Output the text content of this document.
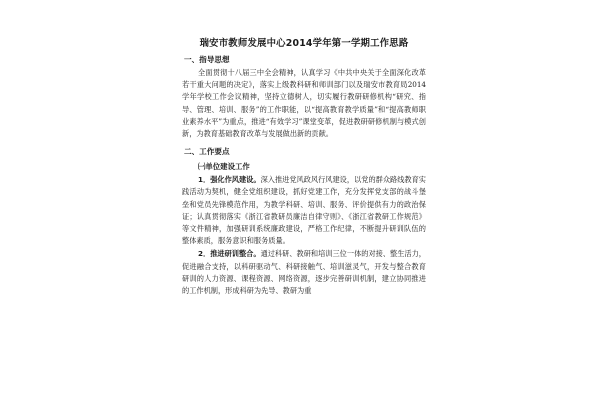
瑞安市教师发展中心2014学年第一学期工作思路
一、指导思想
全面贯彻十八届三中全会精神，认真学习《中共中央关于全面深化改革若干重大问题的决定》，落实上级教科研和师训部门以及瑞安市教育局2014学年学校工作会议精神，坚持立德树人，切实履行教研研修机构“研究、指导、管理、培训、服务”的工作职能，以“提高教育教学质量”和“提高教师职业素养水平”为重点，推进“有效学习”课堂变革，促进教研研修机制与模式创新，为教育基础教育改革与发展做出新的贡献。
二、工作要点
㈠单位建设工作
1．强化作风建设。深入推进党风政风行风建设，以党的群众路线教育实践活动为契机，健全党组织建设，抓好党建工作，充分发挥党支部的战斗堡垒和党员先锋模范作用，为教学科研、培训、服务、评价提供有力的政治保证；认真贯彻落实《浙江省教研员廉洁自律守则》、《浙江省教研工作规范》等文件精神，加强研训系统廉政建设，严格工作纪律，不断提升研训队伍的整体素质，服务意识和服务质量。
2．推进研训整合。通过科研、教研和培训三位一体的对接、整生活力，促进融合支持，以科研驱动气、科研接触气、培训滋灵气，开发与整合教育研训的人力资源、课程资源、网络资源，逐步完善研训机制，建立协同推进的工作机制，形成科研为先导、教研为重
